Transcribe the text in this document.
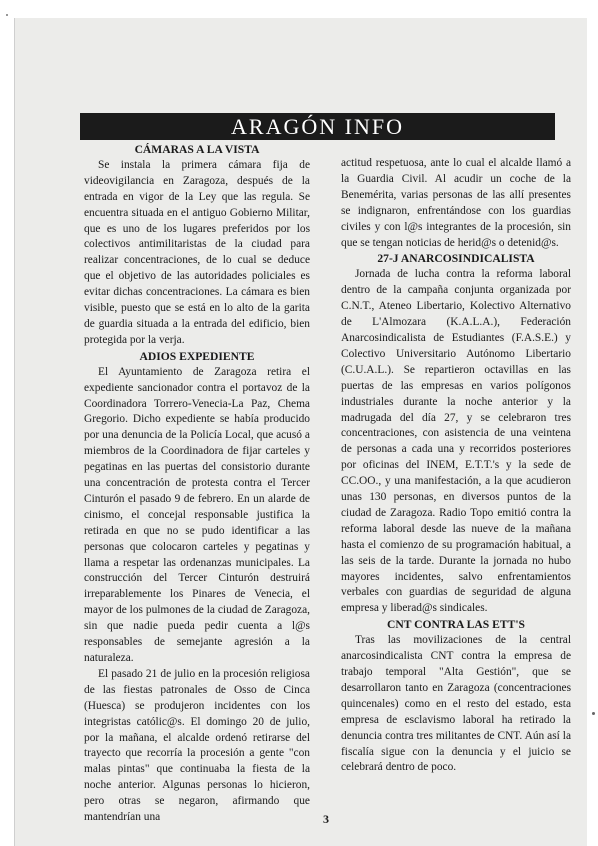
ARAGÓN INFO
CÁMARAS A LA VISTA

Se instala la primera cámara fija de videovigilancia en Zaragoza, después de la entrada en vigor de la Ley que las regula. Se encuentra situada en el antiguo Gobierno Militar, que es uno de los lugares preferidos por los colectivos antimilitaristas de la ciudad para realizar concentraciones, de lo cual se deduce que el objetivo de las autoridades policiales es evitar dichas concentraciones. La cámara es bien visible, puesto que se está en lo alto de la garita de guardia situada a la entrada del edificio, bien protegida por la verja.

ADIOS EXPEDIENTE

El Ayuntamiento de Zaragoza retira el expediente sancionador contra el portavoz de la Coordinadora Torrero-Venecia-La Paz, Chema Gregorio. Dicho expediente se había producido por una denuncia de la Policía Local, que acusó a miembros de la Coordinadora de fijar carteles y pegatinas en las puertas del consistorio durante una concentración de protesta contra el Tercer Cinturón el pasado 9 de febrero. En un alarde de cinismo, el concejal responsable justifica la retirada en que no se pudo identificar a las personas que colocaron carteles y pegatinas y llama a respetar las ordenanzas municipales. La construcción del Tercer Cinturón destruirá irreparablemente los Pinares de Venecia, el mayor de los pulmones de la ciudad de Zaragoza, sin que nadie pueda pedir cuenta a l@s responsables de semejante agresión a la naturaleza.

El pasado 21 de julio en la procesión religiosa de las fiestas patronales de Osso de Cinca (Huesca) se produjeron incidentes con los integristas católic@s. El domingo 20 de julio, por la mañana, el alcalde ordenó retirarse del trayecto que recorría la procesión a gente "con malas pintas" que continuaba la fiesta de la noche anterior. Algunas personas lo hicieron, pero otras se negaron, afirmando que mantendrían una

actitud respetuosa, ante lo cual el alcalde llamó a la Guardia Civil. Al acudir un coche de la Benemérita, varias personas de las allí presentes se indignaron, enfrentándose con los guardias civiles y con l@s integrantes de la procesión, sin que se tengan noticias de herid@s o detenid@s.

27-J ANARCOSINDICALISTA

Jornada de lucha contra la reforma laboral dentro de la campaña conjunta organizada por C.N.T., Ateneo Libertario, Kolectivo Alternativo de L'Almozara (K.A.L.A.), Federación Anarcosindicalista de Estudiantes (F.A.S.E.) y Colectivo Universitario Autónomo Libertario (C.U.A.L.). Se repartieron octavillas en las puertas de las empresas en varios polígonos industriales durante la noche anterior y la madrugada del día 27, y se celebraron tres concentraciones, con asistencia de una veintena de personas a cada una y recorridos posteriores por oficinas del INEM, E.T.T.'s y la sede de CC.OO., y una manifestación, a la que acudieron unas 130 personas, en diversos puntos de la ciudad de Zaragoza. Radio Topo emitió contra la reforma laboral desde las nueve de la mañana hasta el comienzo de su programación habitual, a las seis de la tarde. Durante la jornada no hubo mayores incidentes, salvo enfrentamientos verbales con guardias de seguridad de alguna empresa y liberad@s sindicales.

CNT CONTRA LAS ETT'S

Tras las movilizaciones de la central anarcosindicalista CNT contra la empresa de trabajo temporal "Alta Gestión", que se desarrollaron tanto en Zaragoza (concentraciones quincenales) como en el resto del estado, esta empresa de esclavismo laboral ha retirado la denuncia contra tres militantes de CNT. Aún así la fiscalía sigue con la denuncia y el juicio se celebrará dentro de poco.

3
